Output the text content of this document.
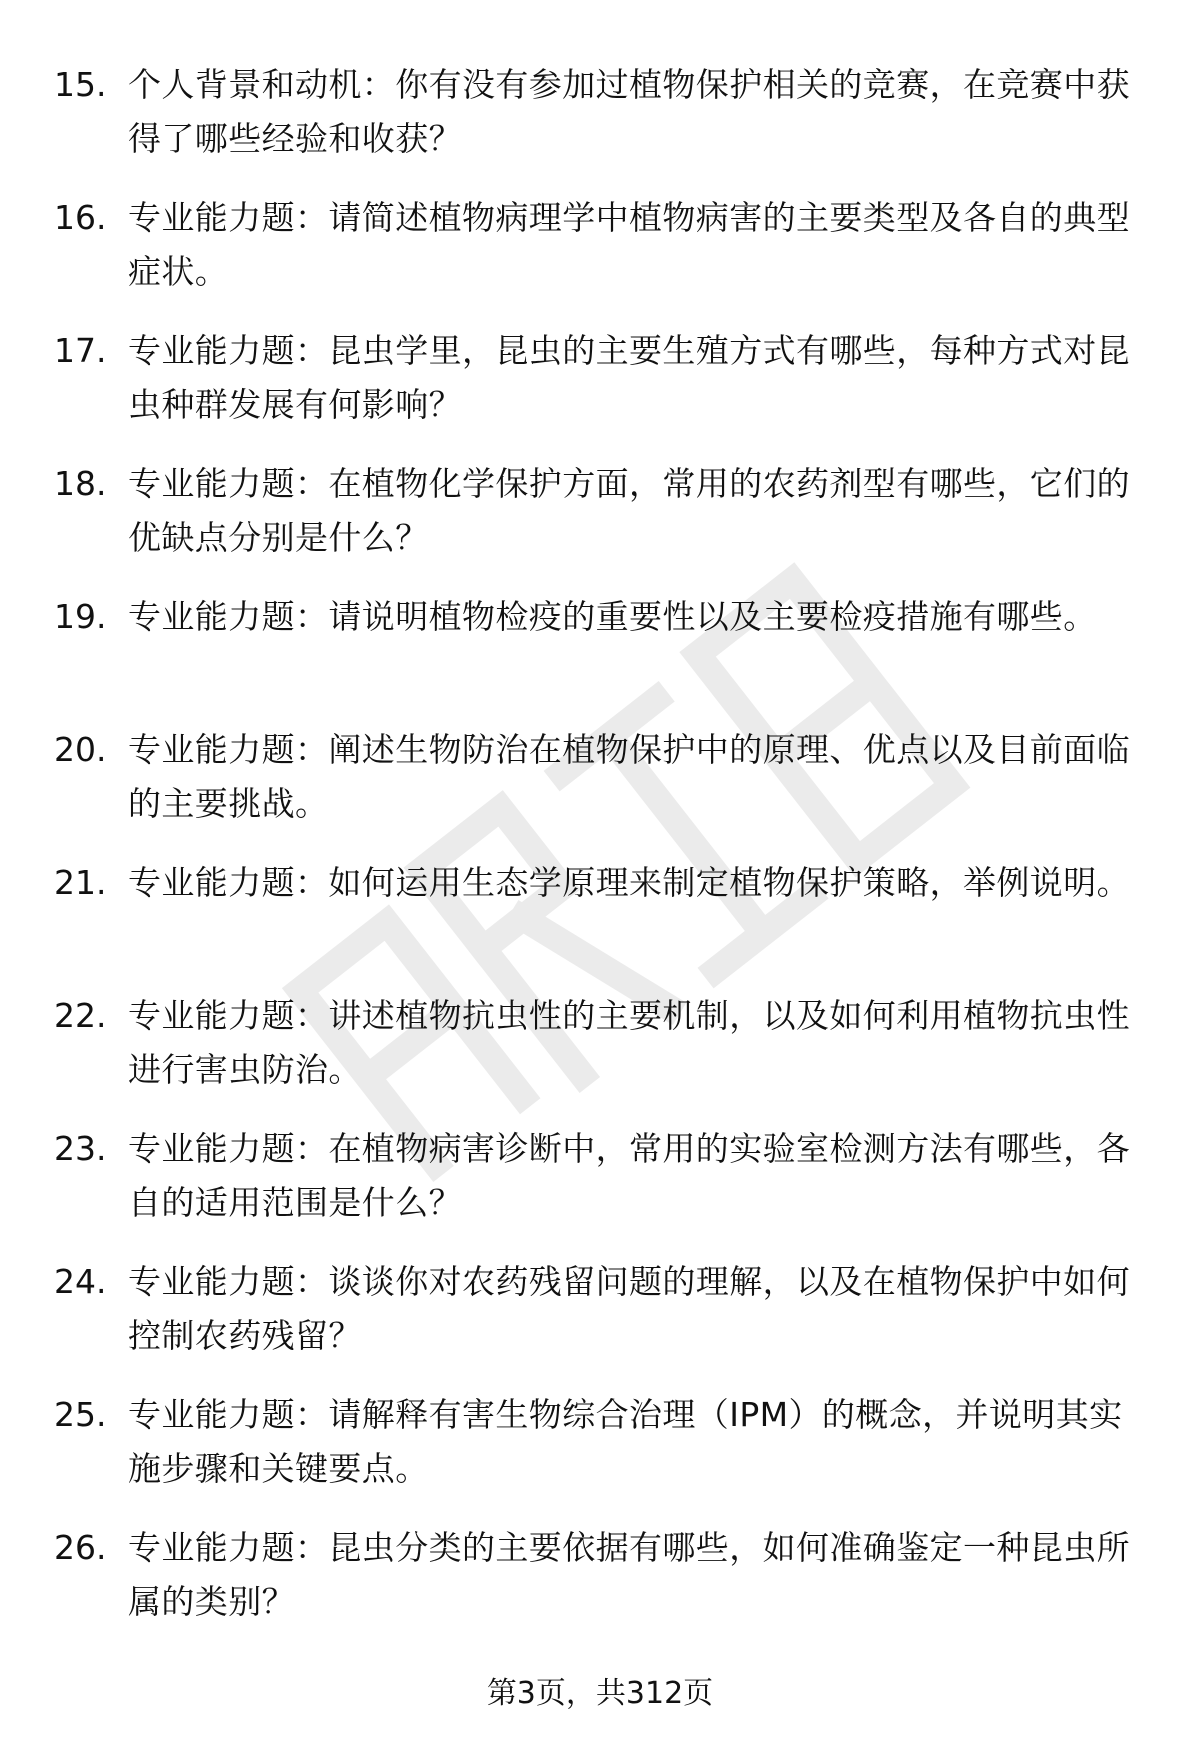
15. 个人背景和动机：你有没有参加过植物保护相关的竞赛，在竞赛中获得了哪些经验和收获？
16. 专业能力题：请简述植物病理学中植物病害的主要类型及各自的典型症状。
17. 专业能力题：昆虫学里，昆虫的主要生殖方式有哪些，每种方式对昆虫种群发展有何影响？
18. 专业能力题：在植物化学保护方面，常用的农药剂型有哪些，它们的优缺点分别是什么？
19. 专业能力题：请说明植物检疫的重要性以及主要检疫措施有哪些。
20. 专业能力题：阐述生物防治在植物保护中的原理、优点以及目前面临的主要挑战。
21. 专业能力题：如何运用生态学原理来制定植物保护策略，举例说明。
22. 专业能力题：讲述植物抗虫性的主要机制，以及如何利用植物抗虫性进行害虫防治。
23. 专业能力题：在植物病害诊断中，常用的实验室检测方法有哪些，各自的适用范围是什么？
24. 专业能力题：谈谈你对农药残留问题的理解，以及在植物保护中如何控制农药残留？
25. 专业能力题：请解释有害生物综合治理（IPM）的概念，并说明其实施步骤和关键要点。
26. 专业能力题：昆虫分类的主要依据有哪些，如何准确鉴定一种昆虫所属的类别？
第3页，共312页
